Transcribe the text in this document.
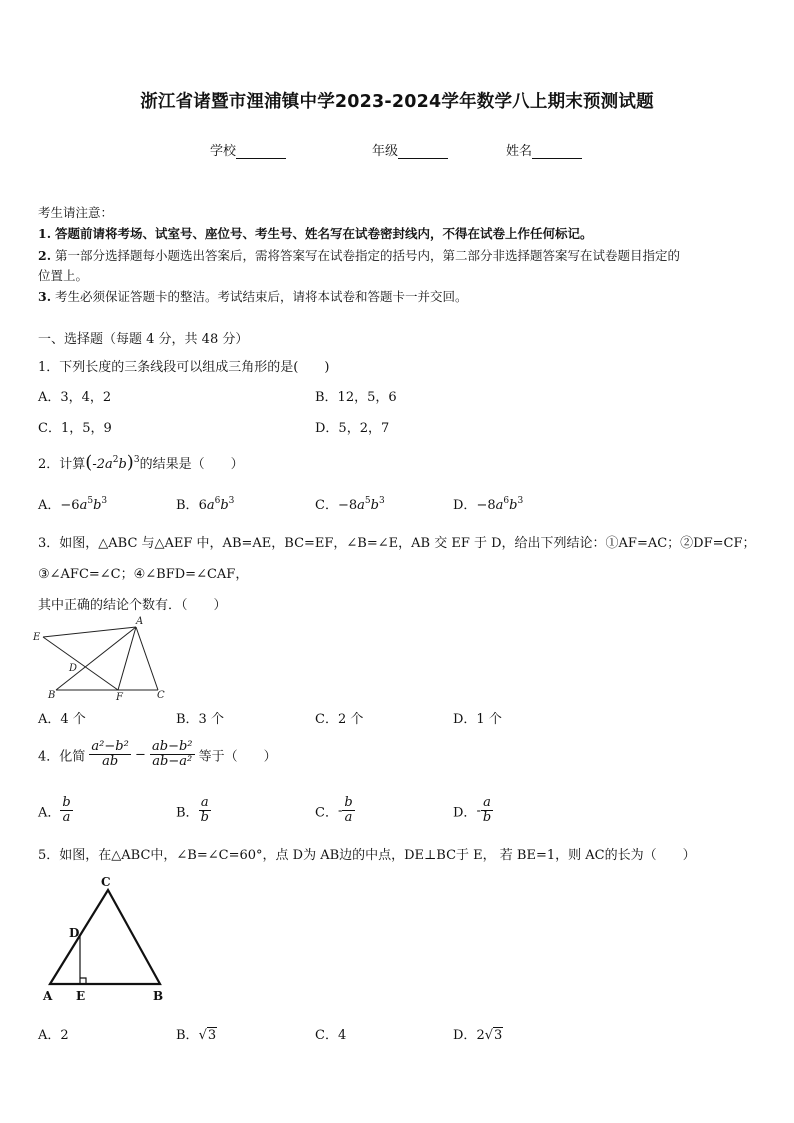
浙江省诸暨市浬浦镇中学2023-2024学年数学八上期末预测试题
学校	年级	姓名
考生请注意：
1. 答题前请将考场、试室号、座位号、考生号、姓名写在试卷密封线内，不得在试卷上作任何标记。
2. 第一部分选择题每小题选出答案后，需将答案写在试卷指定的括号内，第二部分非选择题答案写在试卷题目指定的
位置上。
3. 考生必须保证答题卡的整洁。考试结束后，请将本试卷和答题卡一并交回。
一、选择题（每题 4 分，共 48 分）
1．下列长度的三条线段可以组成三角形的是(　　)
A．3，4，2	B．12，5，6
C．1，5，9	D．5，2，7
2．计算$(-2a^2b)^3$的结果是（　　）
A．$-6a^5b^3$	B．$6a^6b^3$	C．$-8a^5b^3$	D．$-8a^6b^3$
3．如图，△ABC 与△AEF 中，AB=AE，BC=EF，∠B=∠E，AB 交 EF 于 D，给出下列结论：①AF=AC；②DF=CF；
③∠AFC=∠C；④∠BFD=∠CAF，
其中正确的结论个数有．（　　）
E
A
D
B	F	C
A．4 个	B．3 个	C．2 个	D．1 个
4．化简 $\frac{\text{a²−b²}}{ab} - \frac{\text{ab−b²}}{\text{ab−a²}}$ 等于（　　）
A． $\frac{b}{a}$	B． $\frac{a}{b}$	C．- $\frac{b}{a}$	D．- $\frac{a}{b}$
5．如图，在△ABC中，∠B=∠C=60°，点 D为 AB边的中点，DE⊥BC于 E， 若 BE=1，则 AC的长为（　　）
C
D
A E	B
A．2	B．√3	C．4	D．2√3
